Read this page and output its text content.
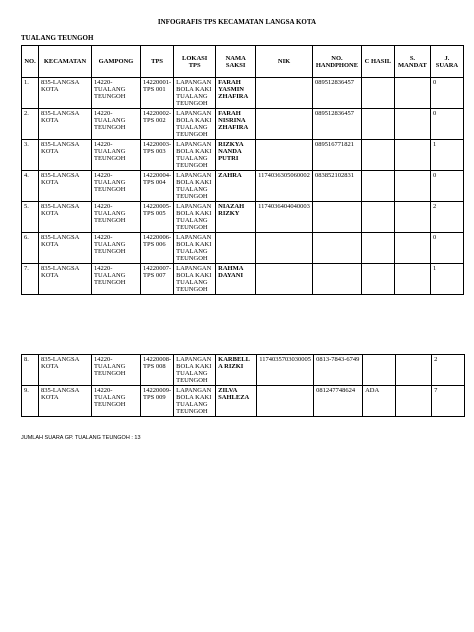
INFOGRAFIS TPS KECAMATAN LANGSA KOTA
TUALANG TEUNGOH
NO.	KECAMATAN	GAMPONG	TPS	LOKASI TPS	NAMA SAKSI	NIK	NO. HANDPHONE	C HASIL	S. MANDAT	J. SUARA
1.	835-LANGSA KOTA	14220-TUALANG TEUNGOH	14220001-TPS 001	LAPANGAN BOLA KAKI TUALANG TEUNGOH	FARAH YASMIN ZHAFIRA		089512836457			0
2.	835-LANGSA KOTA	14220-TUALANG TEUNGOH	14220002-TPS 002	LAPANGAN BOLA KAKI TUALANG TEUNGOH	FARAH NISRINA ZHAFIRA		089512836457			0
3.	835-LANGSA KOTA	14220-TUALANG TEUNGOH	14220003-TPS 003	LAPANGAN BOLA KAKI TUALANG TEUNGOH	RIZKYA NANDA PUTRI		089516771821			1
4.	835-LANGSA KOTA	14220-TUALANG TEUNGOH	14220004-TPS 004	LAPANGAN BOLA KAKI TUALANG TEUNGOH	ZAHRA	1174036305060002	083852102831			0
5.	835-LANGSA KOTA	14220-TUALANG TEUNGOH	14220005-TPS 005	LAPANGAN BOLA KAKI TUALANG TEUNGOH	NIAZAH RIZKY	1174036404040003				2
6.	835-LANGSA KOTA	14220-TUALANG TEUNGOH	14220006-TPS 006	LAPANGAN BOLA KAKI TUALANG TEUNGOH						0
7.	835-LANGSA KOTA	14220-TUALANG TEUNGOH	14220007-TPS 007	LAPANGAN BOLA KAKI TUALANG TEUNGOH	RAHMA DAYANI					1
8.	835-LANGSA KOTA	14220-TUALANG TEUNGOH	14220008-TPS 008	LAPANGAN BOLA KAKI TUALANG TEUNGOH	KARBELLA RIZKI	1174035703030005	0813-7843-6749			2
9.	835-LANGSA KOTA	14220-TUALANG TEUNGOH	14220009-TPS 009	LAPANGAN BOLA KAKI TUALANG TEUNGOH	ZILVA SAHLEZA		081247748624	ADA		7
JUMLAH SUARA GP. TUALANG TEUNGOH : 13
